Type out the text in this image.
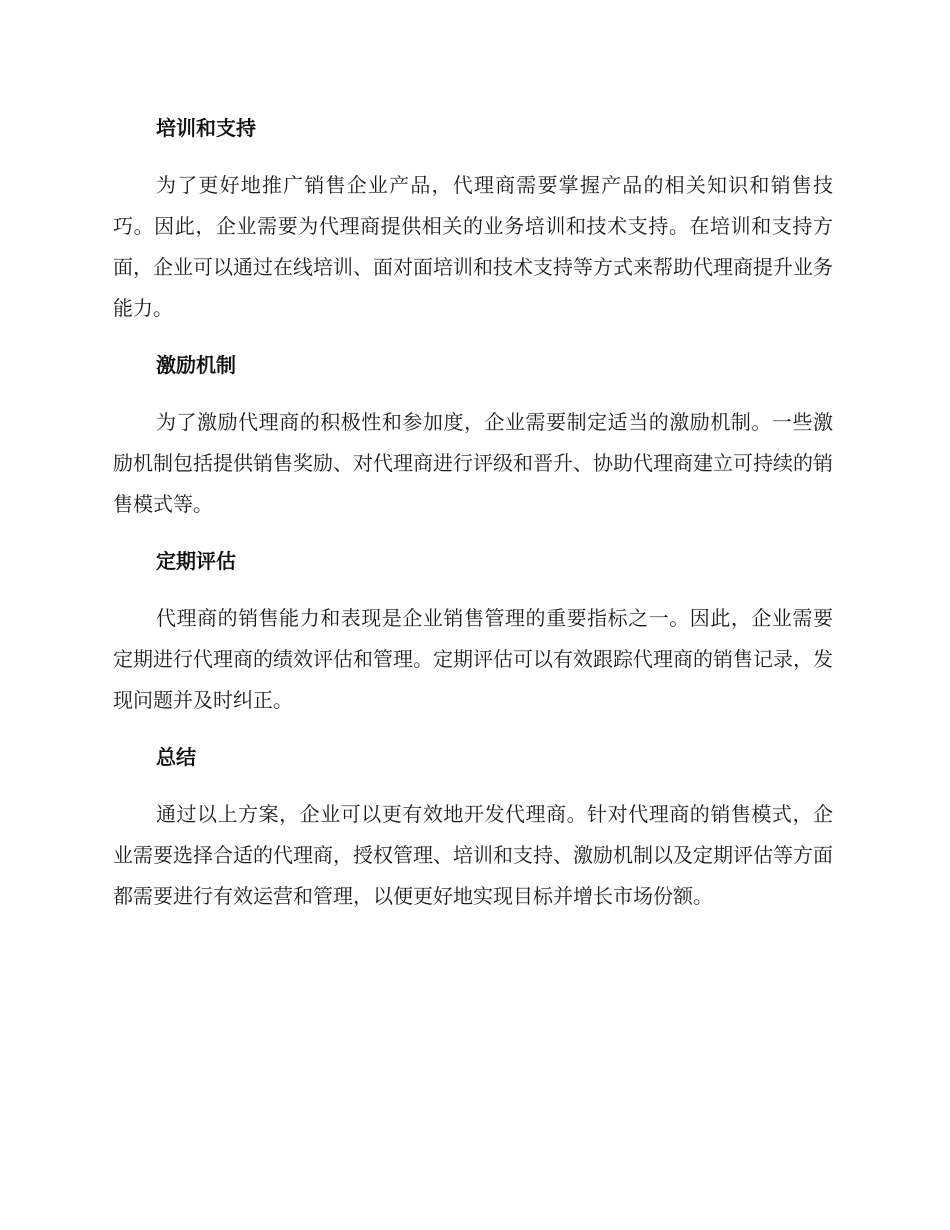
培训和支持

为了更好地推广销售企业产品，代理商需要掌握产品的相关知识和销售技巧。因此，企业需要为代理商提供相关的业务培训和技术支持。在培训和支持方面，企业可以通过在线培训、面对面培训和技术支持等方式来帮助代理商提升业务能力。

激励机制

为了激励代理商的积极性和参加度，企业需要制定适当的激励机制。一些激励机制包括提供销售奖励、对代理商进行评级和晋升、协助代理商建立可持续的销售模式等。

定期评估

代理商的销售能力和表现是企业销售管理的重要指标之一。因此，企业需要定期进行代理商的绩效评估和管理。定期评估可以有效跟踪代理商的销售记录，发现问题并及时纠正。

总结

通过以上方案，企业可以更有效地开发代理商。针对代理商的销售模式，企业需要选择合适的代理商，授权管理、培训和支持、激励机制以及定期评估等方面都需要进行有效运营和管理，以便更好地实现目标并增长市场份额。
